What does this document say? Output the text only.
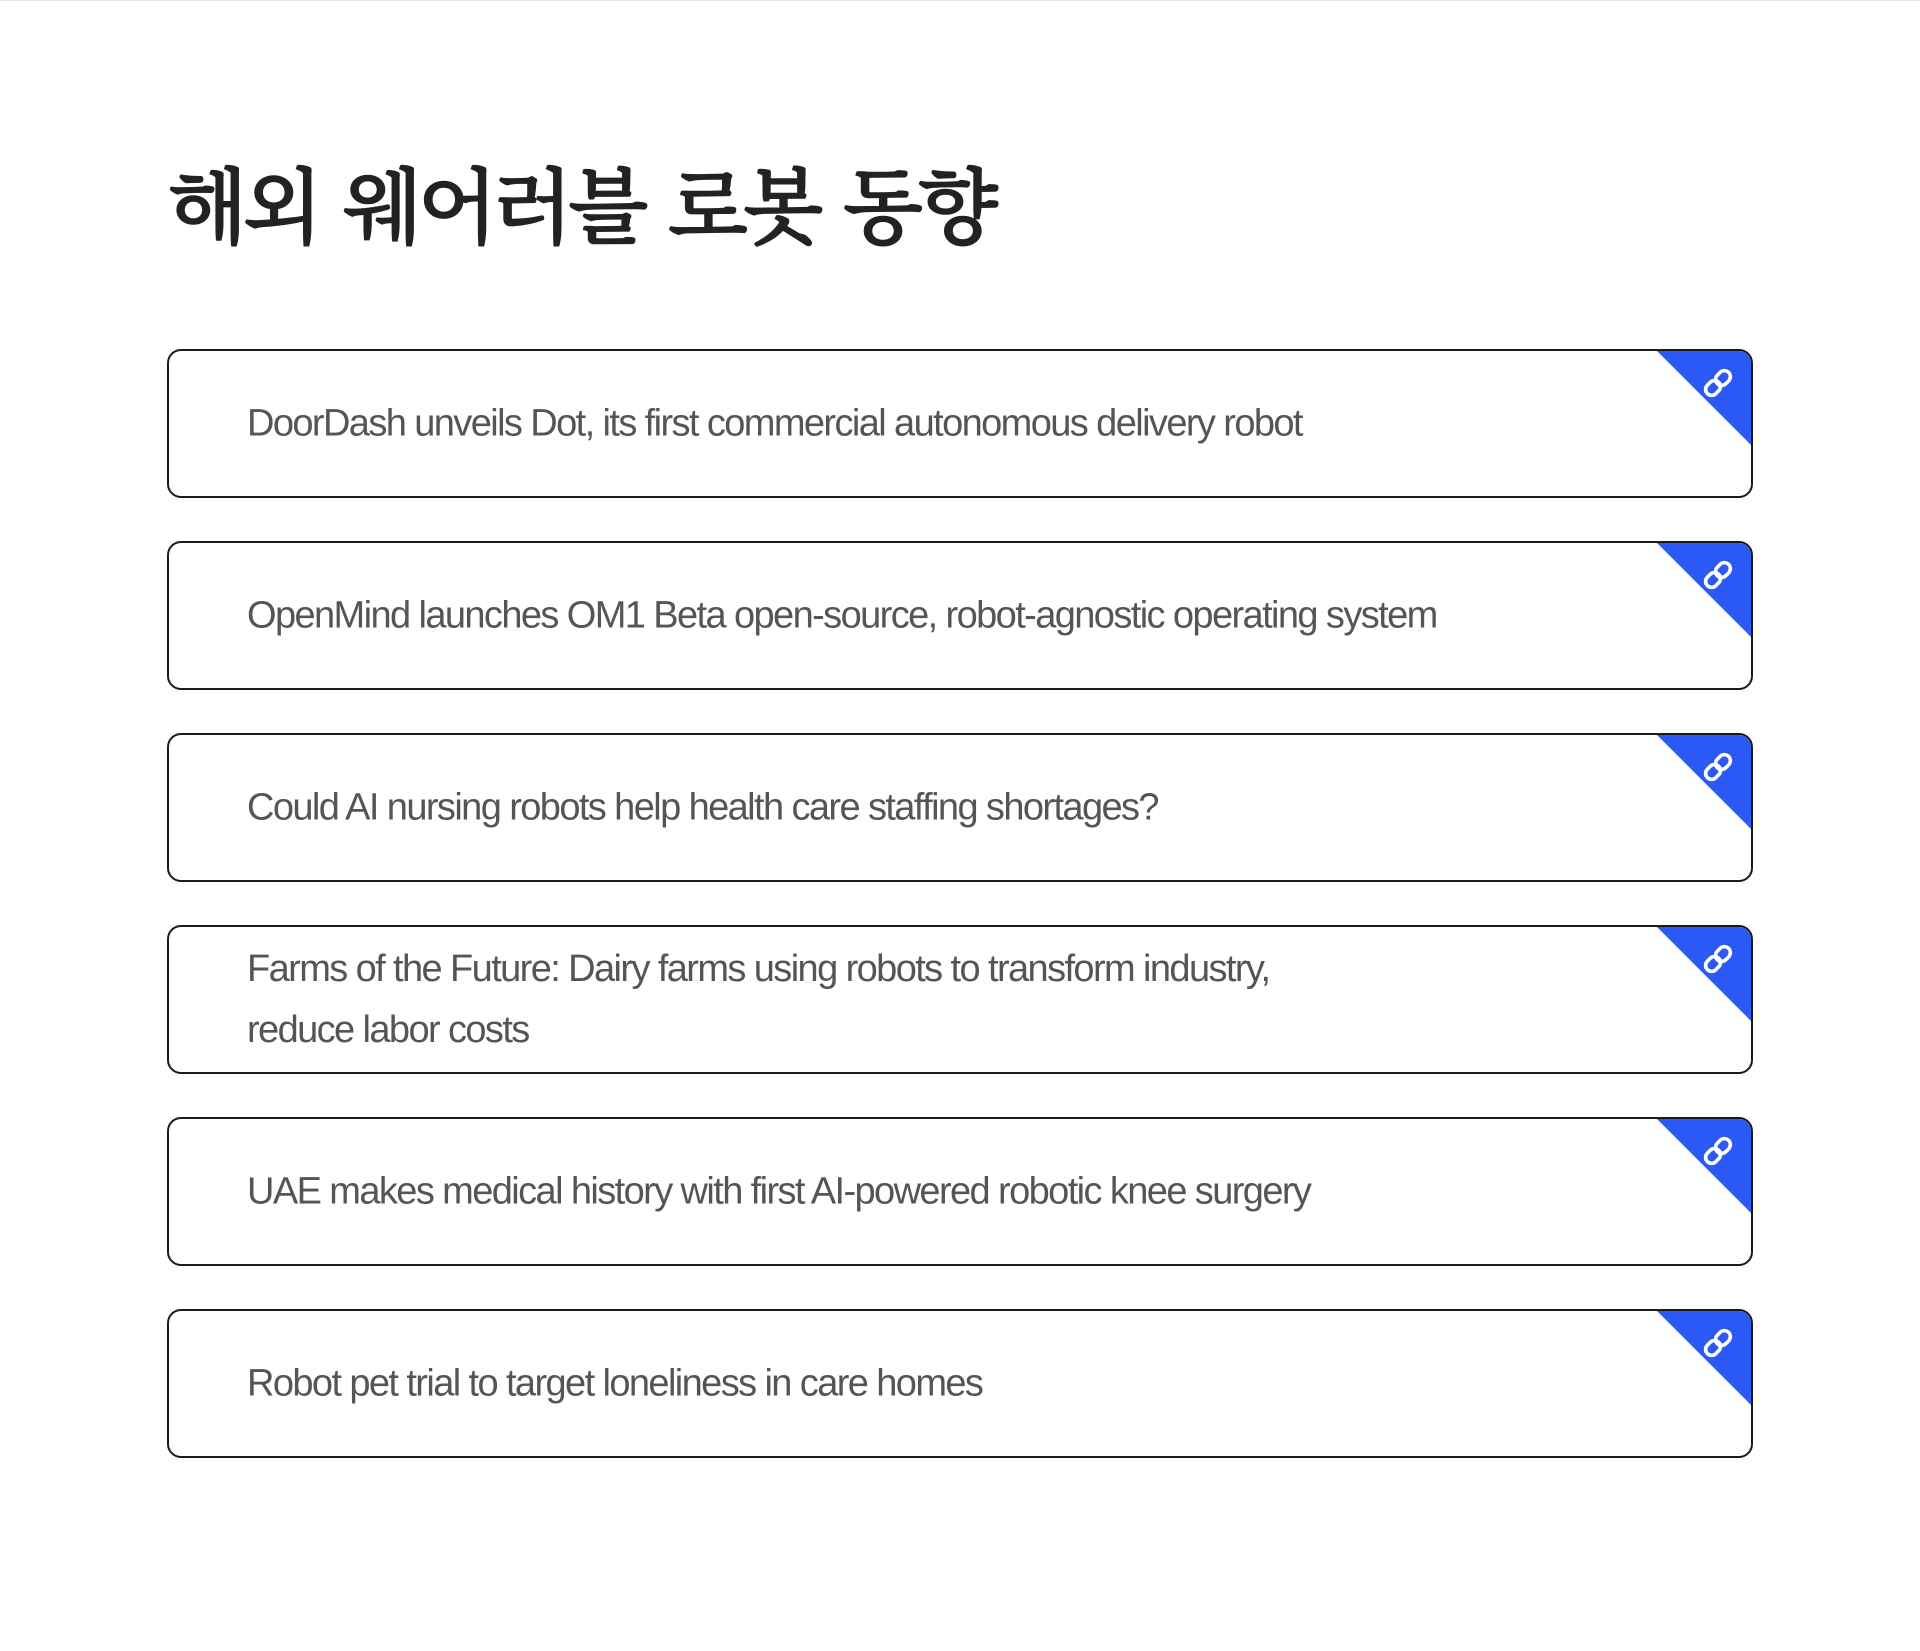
해외 웨어러블 로봇 동향
DoorDash unveils Dot, its first commercial autonomous delivery robot
OpenMind launches OM1 Beta open-source, robot-agnostic operating system
Could AI nursing robots help health care staffing shortages?
Farms of the Future: Dairy farms using robots to transform industry,
reduce labor costs
UAE makes medical history with first AI-powered robotic knee surgery
Robot pet trial to target loneliness in care homes
